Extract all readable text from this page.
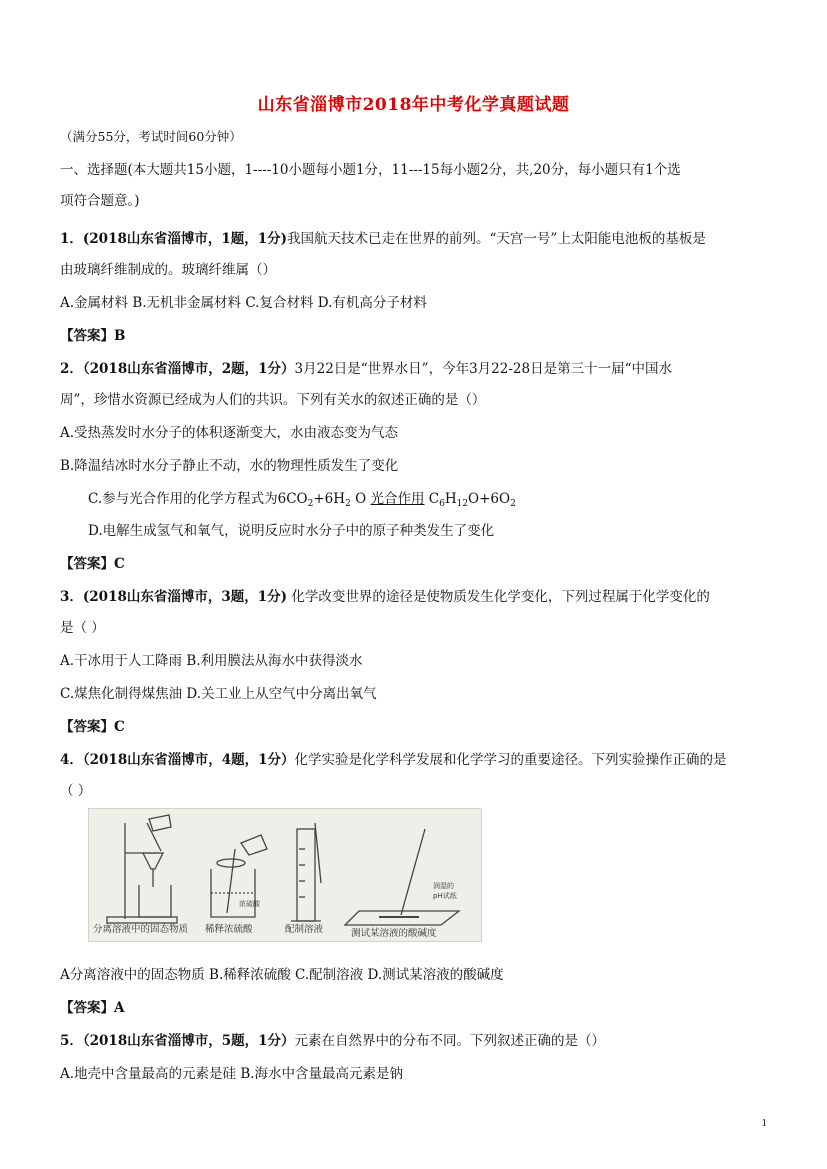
山东省淄博市2018年中考化学真题试题
（满分55分，考试时间60分钟）
一、选择题(本大题共15小题，1----10小题每小题1分，11---15每小题2分，共,20分，每小题只有1个选
项符合题意。)
1．(2018山东省淄博市，1题，1分)我国航天技术已走在世界的前列。“天宫一号”上太阳能电池板的基板是
由玻璃纤维制成的。玻璃纤维属（）
A.金属材料 B.无机非金属材料 C.复合材料 D.有机高分子材料
【答案】B
2．（2018山东省淄博市，2题，1分）3月22日是“世界水日”，今年3月22-28日是第三十一届“中国水
周”，珍惜水资源已经成为人们的共识。下列有关水的叙述正确的是（）
A.受热蒸发时水分子的体积逐渐变大，水由液态变为气态
B.降温结冰时水分子静止不动，水的物理性质发生了变化
C.参与光合作用的化学方程式为$6CO_2+6H_2$ O 光合作用 $C_6H_{12}O+6O_2$
D.电解生成氢气和氧气，说明反应时水分子中的原子种类发生了变化
【答案】C
3．(2018山东省淄博市，3题，1分) 化学改变世界的途径是使物质发生化学变化，下列过程属于化学变化的
是（ ）
A.干冰用于人工降雨 B.利用膜法从海水中获得淡水
C.煤焦化制得煤焦油 D.关工业上从空气中分离出氧气
【答案】C
4．（2018山东省淄博市，4题，1分）化学实验是化学科学发展和化学学习的重要途径。下列实验操作正确的是
（ ）
分离溶液中的固态物质 稀释浓硫酸	配制溶液	测试某溶液的酸碱度
浓硫酸
润湿的
pH试纸
A分离溶液中的固态物质 B.稀释浓硫酸 C.配制溶液 D.测试某溶液的酸碱度
【答案】A
5．（2018山东省淄博市，5题，1分）元素在自然界中的分布不同。下列叙述正确的是（）
A.地壳中含量最高的元素是硅 B.海水中含量最高元素是钠
1
